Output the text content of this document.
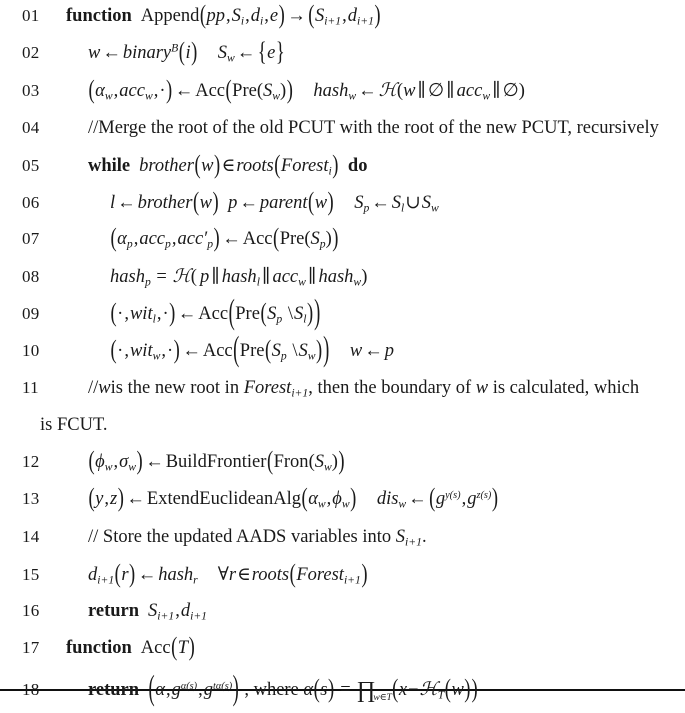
01	function $Append(pp,S_i,d_i,e) \to (S_{i+1},d_{i+1})$
02	w ← binary$^B$(i) $S_w$ ← {e}
03	$(\alpha_w,acc_w,\cdot)$ ← $Acc(Pre(S_w))$ hash$_w$ ← ℋ(w ∥ ∅ ∥ acc$_w$ ∥ ∅)
04	//Merge the root of the old PCUT with the root of the new PCUT, recursively
05	while brother(w)∈roots(Forest$_i$) do
06	l ← brother(w) p ← parent(w) $S_p$ ← $S_l\cup S_w$
07	$(\alpha_p,acc_p,acc'_p)$ ← $Acc(Pre(S_p))$
08	hash$_p$ = ℋ( p ∥ hash$_l$ ∥ acc$_w$ ∥ hash$_w$)
09	(·,wit$_l$,·) ← $Acc(Pre(S_p$ $\backslash S_l$))
10	(·,wit$_w$,·) ← $Acc(Pre(S_p$ $\backslash S_w$)) w ← p
11	//wis the new root in Forest$_{i+1}$, then the boundary of w is calculated, which
is FCUT.
12	$(\phi_w,\sigma_w)$ ← $BuildFrontier(Fron(S_w))$
13	(y,z) ← $ExtendEuclideanAlg(\alpha_w,\phi_w)$ dis$_w$ ← $(g^{y(s)},g^{z(s)})$
14	// Store the updated AADS variables into $S_{i+1}$.
15	$d_{i+1}(r)$ ← hash$_r$ ∀r∈roots(Forest$_{i+1}$)
16	return $S_{i+1},d_{i+1}$
17	function Acc(T)
18	return $(\alpha,g^{\alpha(s)},g^{t\alpha(s)})$ , where $\alpha(s) = \prod_{w\in T}(x-ℋ_T(w))$
